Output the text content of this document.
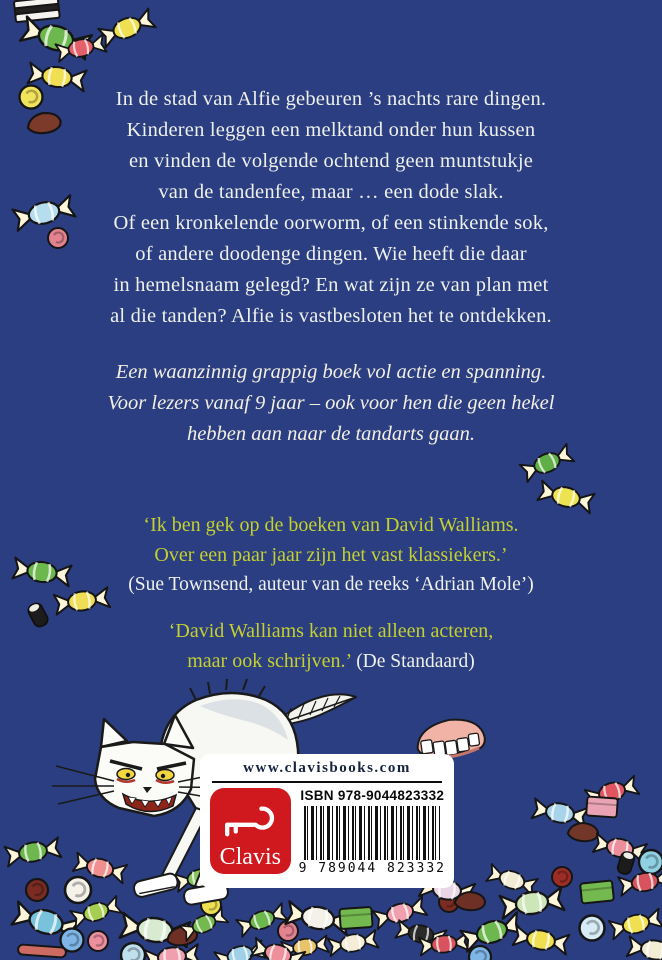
In de stad van Alfie gebeuren ’s nachts rare dingen.
Kinderen leggen een melktand onder hun kussen
en vinden de volgende ochtend geen muntstukje
van de tandenfee, maar … een dode slak.
Of een kronkelende oorworm, of een stinkende sok,
of andere doodenge dingen. Wie heeft die daar
in hemelsnaam gelegd? En wat zijn ze van plan met
al die tanden? Alfie is vastbesloten het te ontdekken.
Een waanzinnig grappig boek vol actie en spanning.
Voor lezers vanaf 9 jaar – ook voor hen die geen hekel
hebben aan naar de tandarts gaan.
‘Ik ben gek op de boeken van David Walliams.
Over een paar jaar zijn het vast klassiekers.’
(Sue Townsend, auteur van de reeks ‘Adrian Mole’)
‘David Walliams kan niet alleen acteren,
maar ook schrijven.’ (De Standaard)
www.clavisbooks.com
Clavis
ISBN 978-9044823332
9 789044 823332
